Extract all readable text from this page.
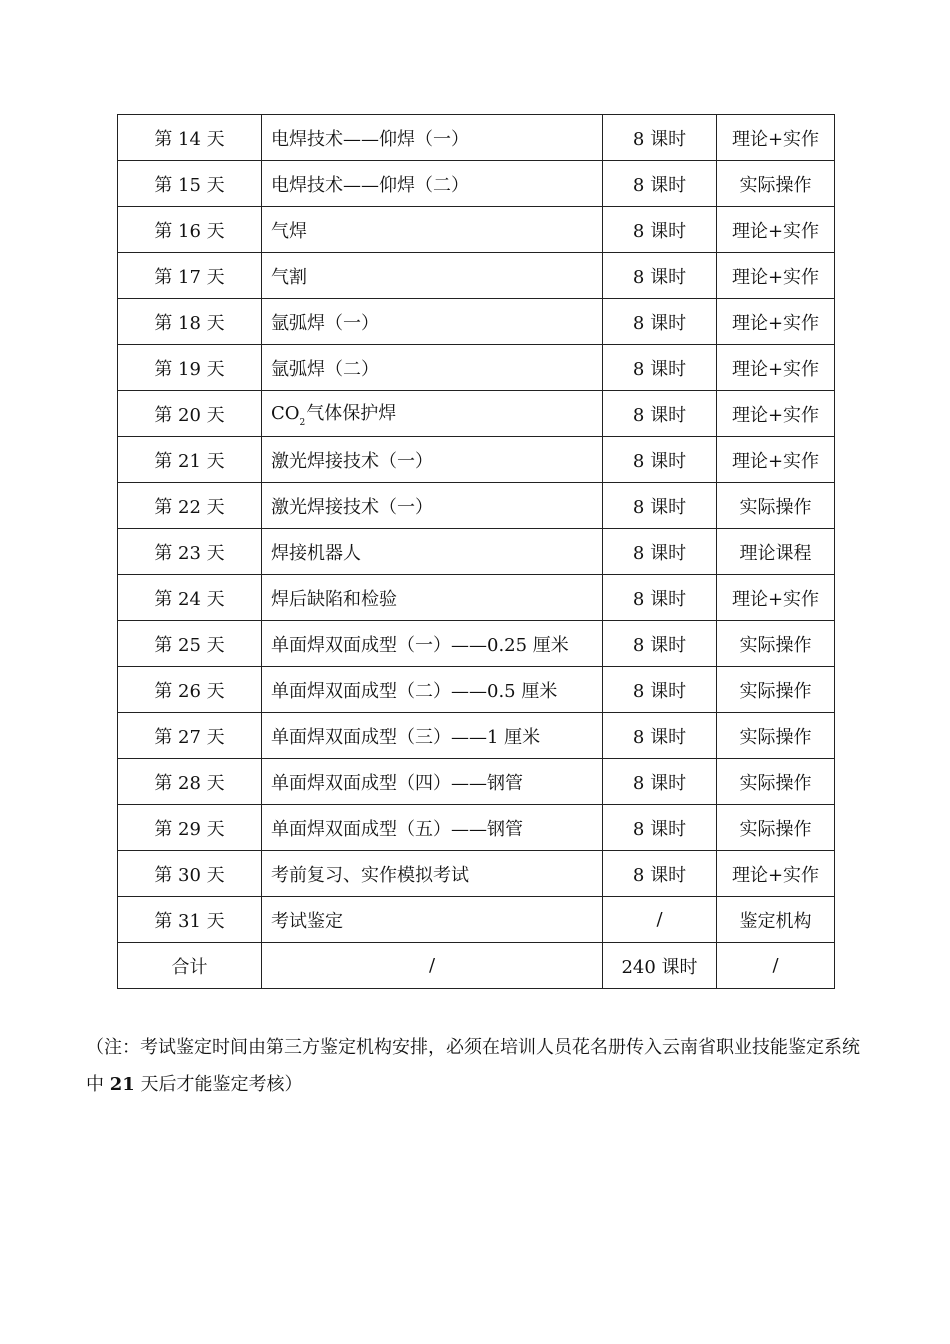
第 14 天	电焊技术——仰焊（一）	8 课时	理论+实作
第 15 天	电焊技术——仰焊（二）	8 课时	实际操作
第 16 天	气焊	8 课时	理论+实作
第 17 天	气割	8 课时	理论+实作
第 18 天	氩弧焊（一）	8 课时	理论+实作
第 19 天	氩弧焊（二）	8 课时	理论+实作
第 20 天	$CO_2$气体保护焊	8 课时	理论+实作
第 21 天	激光焊接技术（一）	8 课时	理论+实作
第 22 天	激光焊接技术（一）	8 课时	实际操作
第 23 天	焊接机器人	8 课时	理论课程
第 24 天	焊后缺陷和检验	8 课时	理论+实作
第 25 天	单面焊双面成型（一）——0.25 厘米	8 课时	实际操作
第 26 天	单面焊双面成型（二）——0.5 厘米	8 课时	实际操作
第 27 天	单面焊双面成型（三）——1 厘米	8 课时	实际操作
第 28 天	单面焊双面成型（四）——钢管	8 课时	实际操作
第 29 天	单面焊双面成型（五）——钢管	8 课时	实际操作
第 30 天	考前复习、实作模拟考试	8 课时	理论+实作
第 31 天	考试鉴定	/	鉴定机构
合计	/	240 课时	/

（注：考试鉴定时间由第三方鉴定机构安排，必须在培训人员花名册传入云南省职业技能鉴定系统中 21 天后才能鉴定考核）
